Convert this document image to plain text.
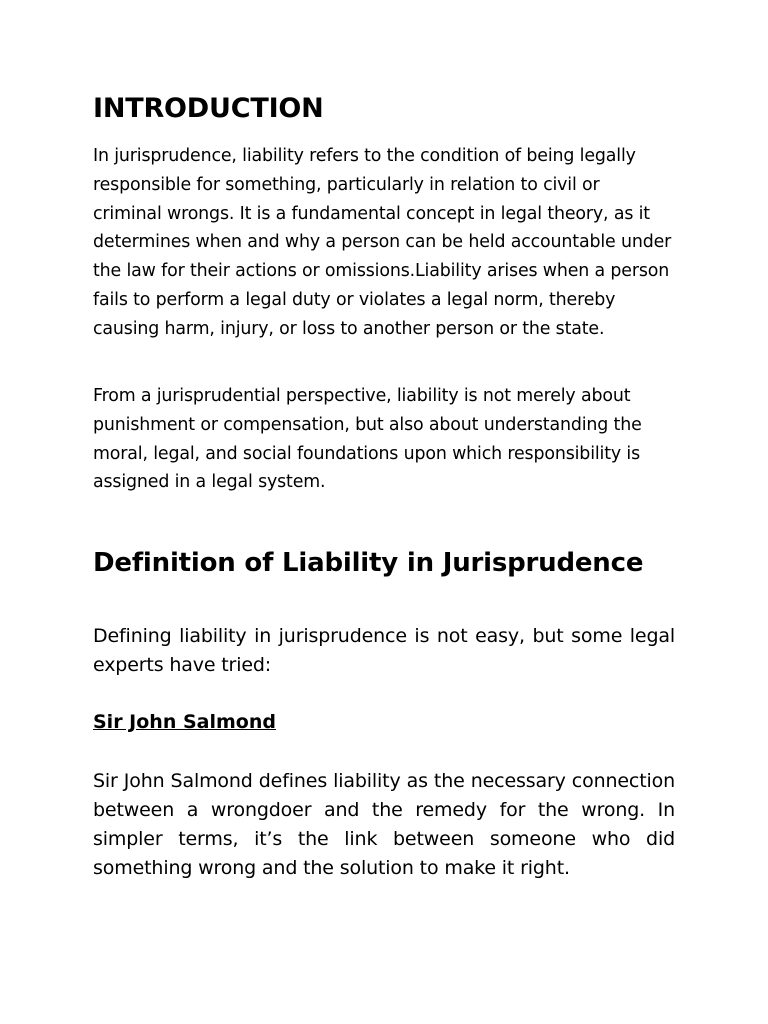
INTRODUCTION

In jurisprudence, liability refers to the condition of being legally responsible for something, particularly in relation to civil or criminal wrongs. It is a fundamental concept in legal theory, as it determines when and why a person can be held accountable under the law for their actions or omissions.Liability arises when a person fails to perform a legal duty or violates a legal norm, thereby causing harm, injury, or loss to another person or the state.

From a jurisprudential perspective, liability is not merely about punishment or compensation, but also about understanding the moral, legal, and social foundations upon which responsibility is assigned in a legal system.

Definition of Liability in Jurisprudence

Defining liability in jurisprudence is not easy, but some legal experts have tried:

Sir John Salmond

Sir John Salmond defines liability as the necessary connection between a wrongdoer and the remedy for the wrong. In simpler terms, it’s the link between someone who did something wrong and the solution to make it right.
